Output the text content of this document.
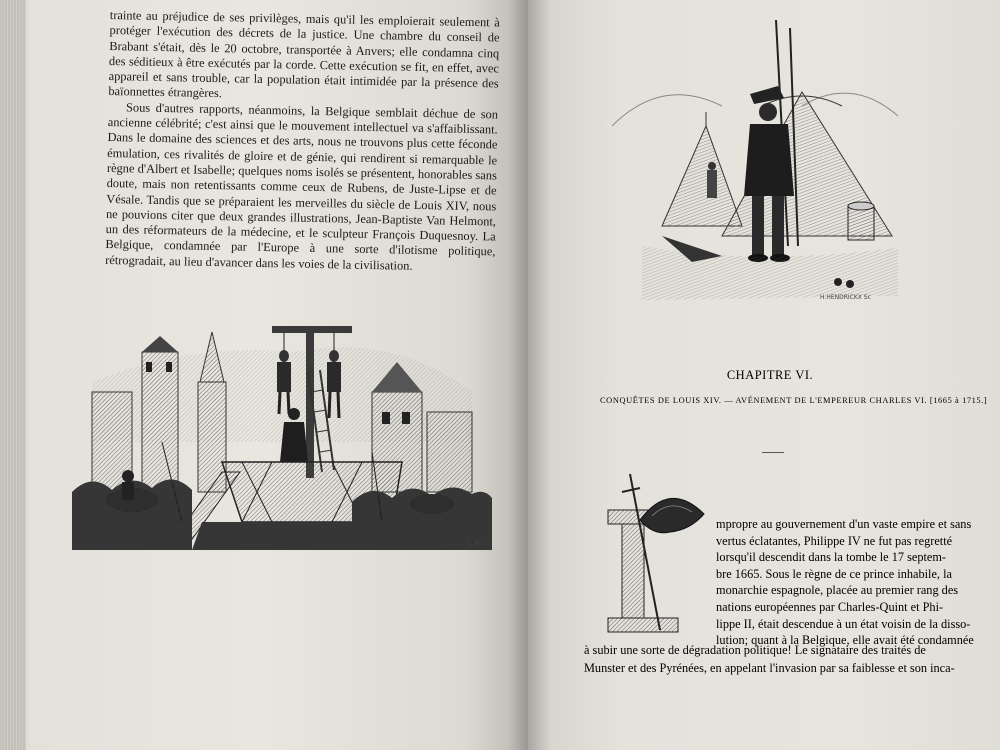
trainte au préjudice de ses privilèges, mais qu'il les emploierait seulement à protéger l'exécution des décrets de la justice. Une chambre du conseil de Brabant s'était, dès le 20 octobre, transportée à Anvers; elle condamna cinq des séditieux à être exécutés par la corde. Cette exécution se fit, en effet, avec appareil et sans trouble, car la population était intimidée par la présence des baïonnettes étrangères.

Sous d'autres rapports, néanmoins, la Belgique semblait déchue de son ancienne célébrité; c'est ainsi que le mouvement intellectuel va s'affaiblissant. Dans le domaine des sciences et des arts, nous ne trouvons plus cette féconde émulation, ces rivalités de gloire et de génie, qui rendirent si remarquable le règne d'Albert et Isabelle; quelques noms isolés se présentent, honorables sans doute, mais non retentissants comme ceux de Rubens, de Juste-Lipse et de Vésale. Tandis que se préparaient les merveilles du siècle de Louis XIV, nous ne pouvions citer que deux grandes illustrations, Jean-Baptiste Van Helmont, un des réformateurs de la médecine, et le sculpteur François Duquesnoy. La Belgique, condamnée par l'Europe à une sorte d'ilotisme politique, rétrogradait, au lieu d'avancer dans les voies de la civilisation.

P.F. 65
H.HENDRICKX Sc
CHAPITRE VI.
CONQUÊTES DE LOUIS XIV. — AVÉNEMENT DE L'EMPEREUR CHARLES VI. [1665 à 1715.]
mpropre au gouvernement d'un vaste empire et sans
vertus éclatantes, Philippe IV ne fut pas regretté
lorsqu'il descendit dans la tombe le 17 septem-
bre 1665. Sous le règne de ce prince inhabile, la
monarchie espagnole, placée au premier rang des
nations européennes par Charles-Quint et Phi-
lippe II, était descendue à un état voisin de la disso-
lution; quant à la Belgique, elle avait été condamnée
à subir une sorte de dégradation politique! Le signataire des traités de
Munster et des Pyrénées, en appelant l'invasion par sa faiblesse et son inca-
